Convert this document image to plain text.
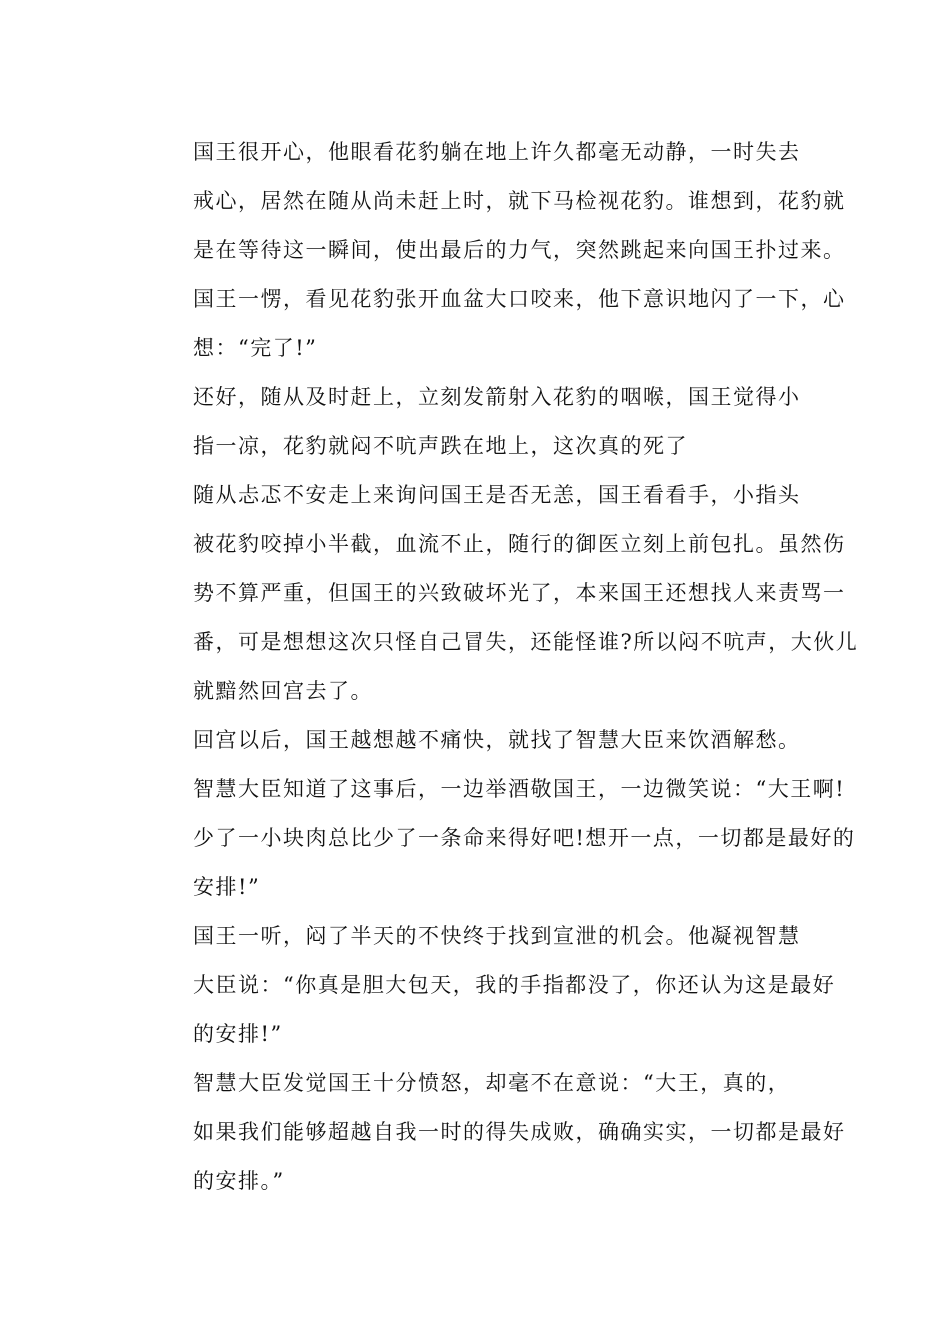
国王很开心，他眼看花豹躺在地上许久都毫无动静，一时失去
戒心，居然在随从尚未赶上时，就下马检视花豹。谁想到，花豹就
是在等待这一瞬间，使出最后的力气，突然跳起来向国王扑过来。
国王一愣，看见花豹张开血盆大口咬来，他下意识地闪了一下，心
想：“完了!”

还好，随从及时赶上，立刻发箭射入花豹的咽喉，国王觉得小
指一凉，花豹就闷不吭声跌在地上，这次真的死了

随从忐忑不安走上来询问国王是否无恙，国王看看手，小指头
被花豹咬掉小半截，血流不止，随行的御医立刻上前包扎。虽然伤
势不算严重，但国王的兴致破坏光了，本来国王还想找人来责骂一
番，可是想想这次只怪自己冒失，还能怪谁?所以闷不吭声，大伙儿
就黯然回宫去了。

回宫以后，国王越想越不痛快，就找了智慧大臣来饮酒解愁。
智慧大臣知道了这事后，一边举酒敬国王，一边微笑说：“大王啊!
少了一小块肉总比少了一条命来得好吧!想开一点，一切都是最好的
安排!”

国王一听，闷了半天的不快终于找到宣泄的机会。他凝视智慧
大臣说：“你真是胆大包天，我的手指都没了，你还认为这是最好
的安排!”

智慧大臣发觉国王十分愤怒，却毫不在意说：“大王，真的，
如果我们能够超越自我一时的得失成败，确确实实，一切都是最好
的安排。”
